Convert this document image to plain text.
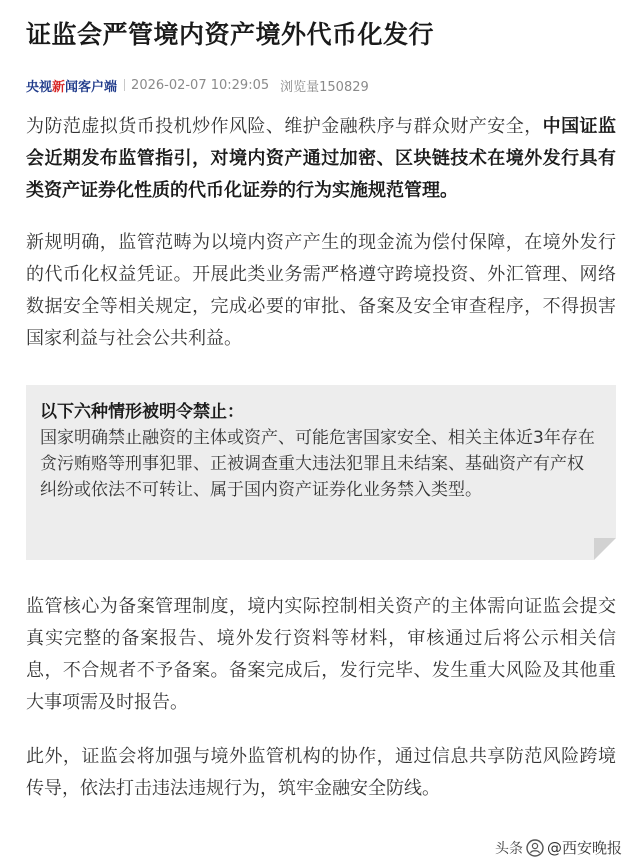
证监会严管境内资产境外代币化发行
央视新闻客户端 2026-02-07 10:29:05 浏览量150829

为防范虚拟货币投机炒作风险、维护金融秩序与群众财产安全，中国证监会近期发布监管指引，对境内资产通过加密、区块链技术在境外发行具有类资产证券化性质的代币化证券的行为实施规范管理。

新规明确，监管范畴为以境内资产产生的现金流为偿付保障，在境外发行的代币化权益凭证。开展此类业务需严格遵守跨境投资、外汇管理、网络数据安全等相关规定，完成必要的审批、备案及安全审查程序，不得损害国家利益与社会公共利益。

以下六种情形被明令禁止：
国家明确禁止融资的主体或资产、可能危害国家安全、相关主体近3年存在贪污贿赂等刑事犯罪、正被调查重大违法犯罪且未结案、基础资产有产权纠纷或依法不可转让、属于国内资产证券化业务禁入类型。

监管核心为备案管理制度，境内实际控制相关资产的主体需向证监会提交真实完整的备案报告、境外发行资料等材料，审核通过后将公示相关信息，不合规者不予备案。备案完成后，发行完毕、发生重大风险及其他重大事项需及时报告。

此外，证监会将加强与境外监管机构的协作，通过信息共享防范风险跨境传导，依法打击违法违规行为，筑牢金融安全防线。

头条 @西安晚报
